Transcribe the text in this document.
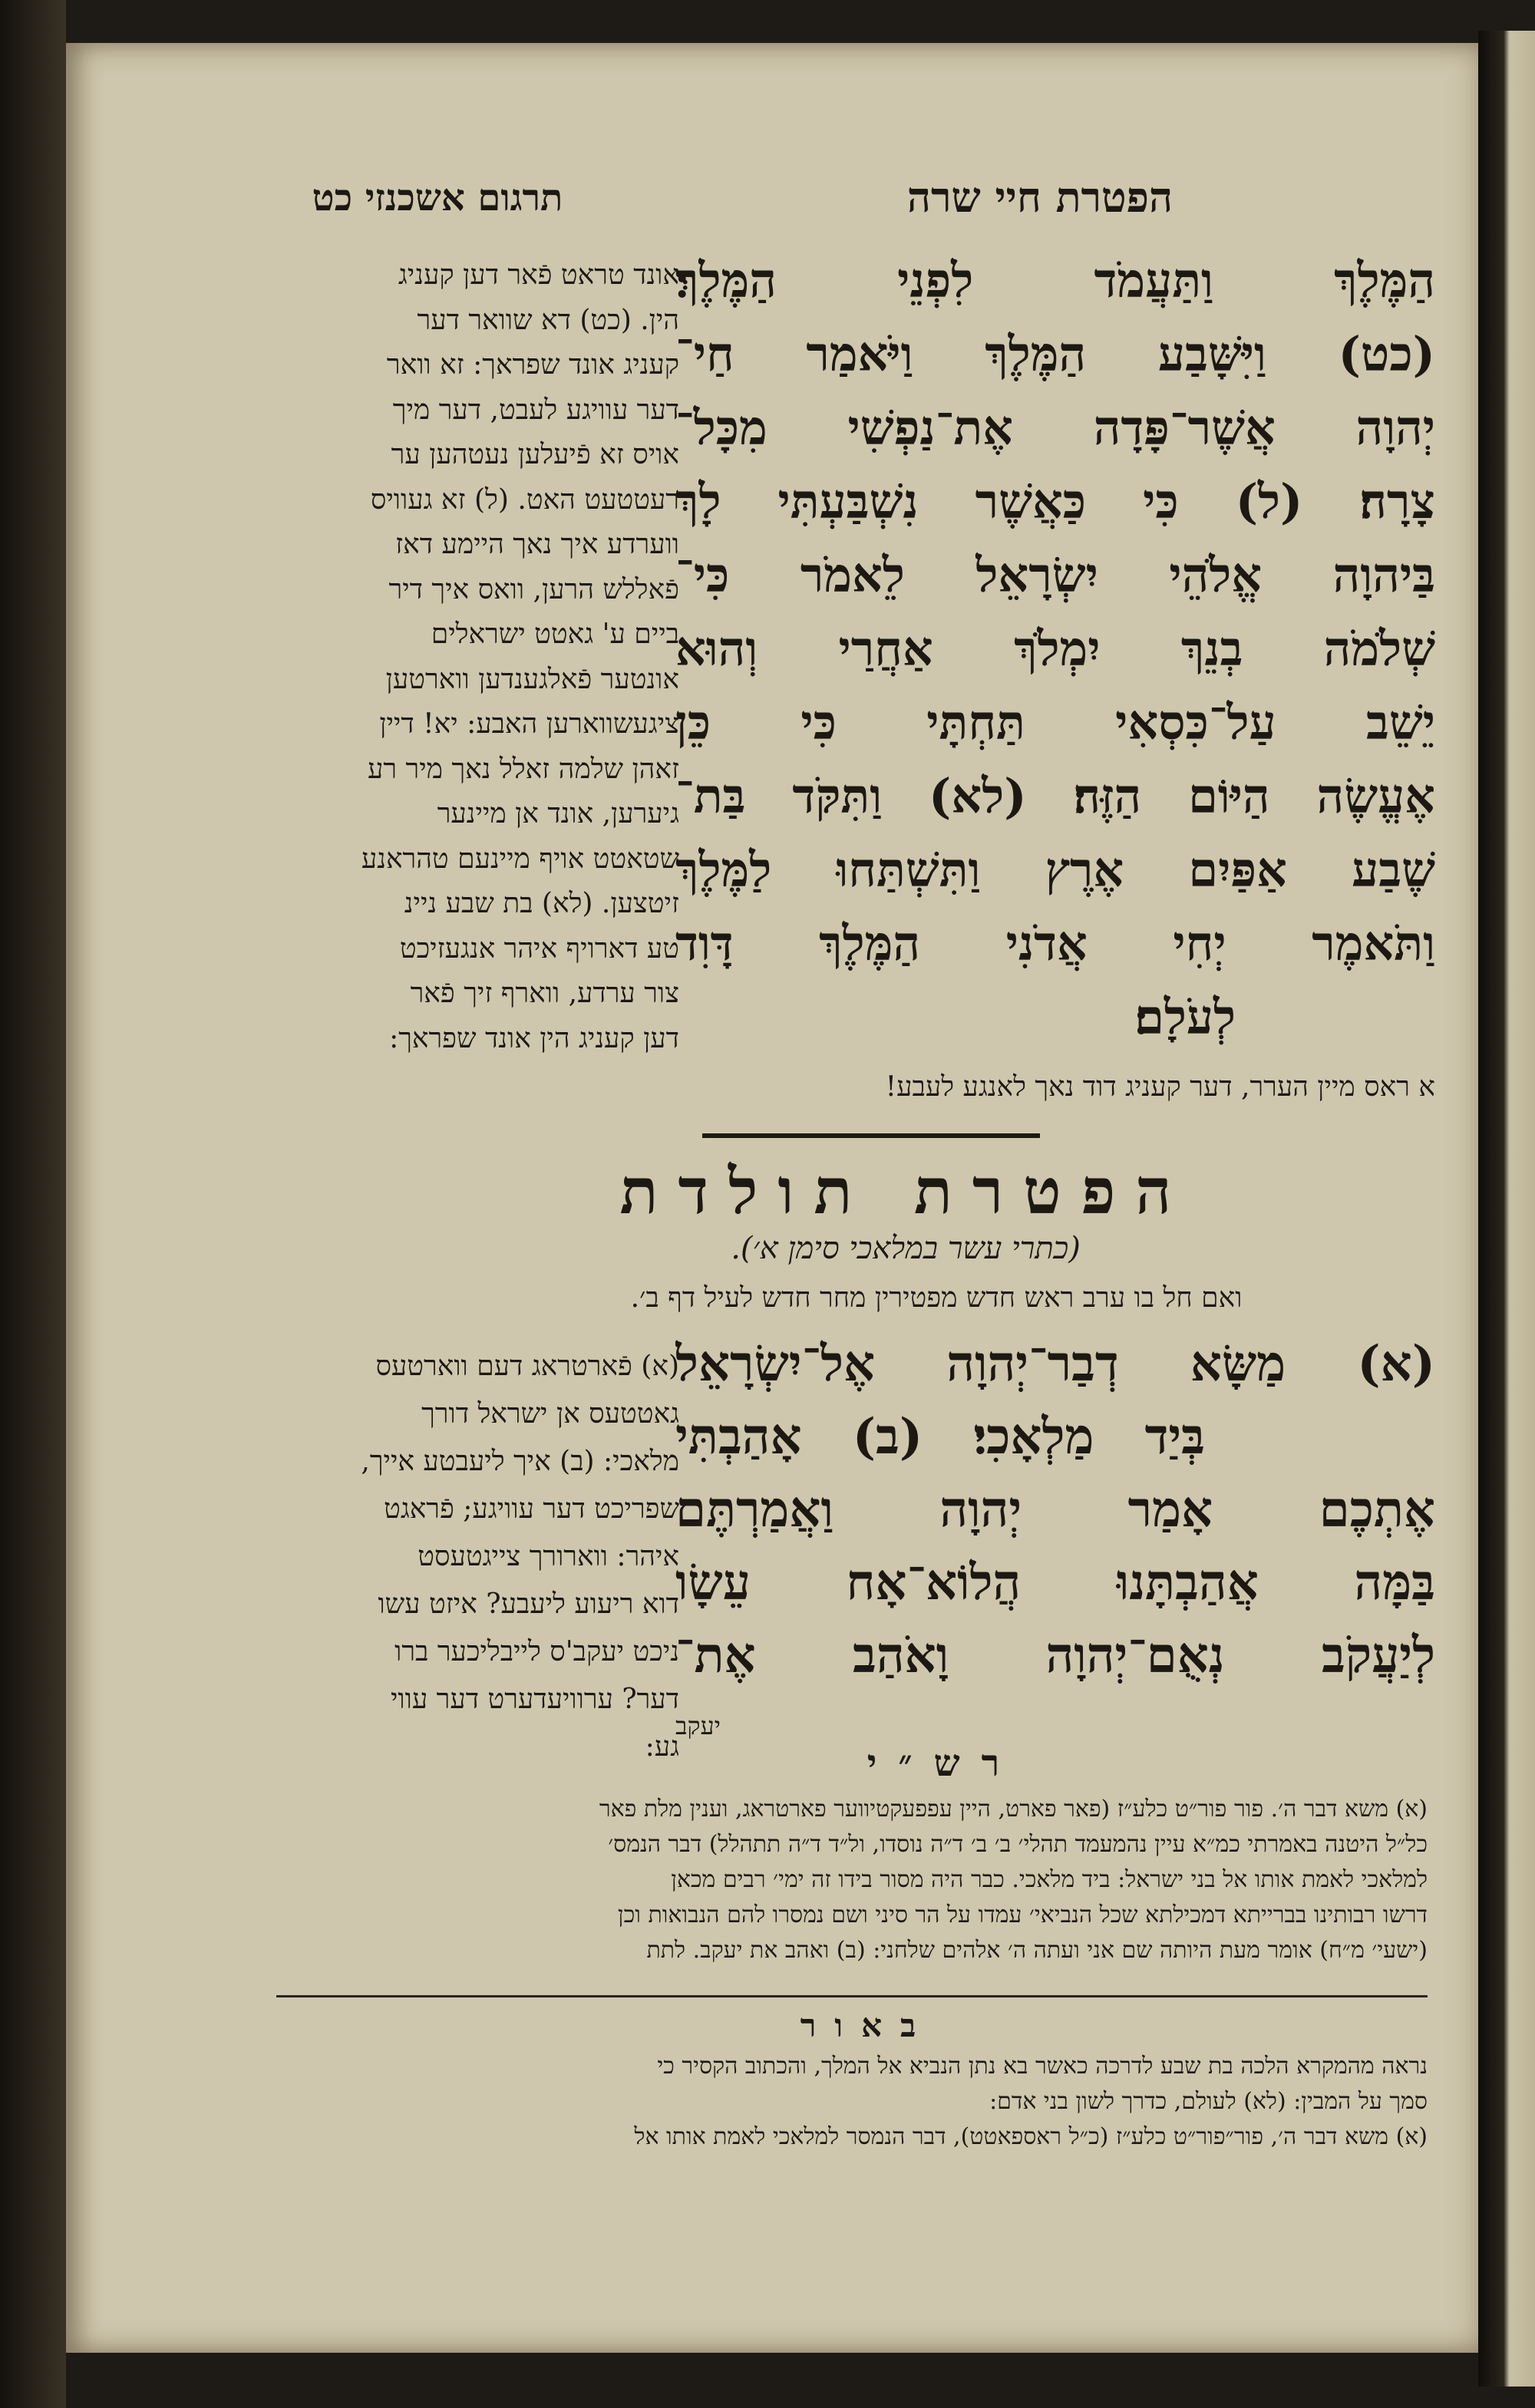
תרגום אשכנזי כט	הפטרת חיי שרה
אונד טראט פֿאר דען קעניג
הין. (כט) דא שוואר דער
קעניג אונד שפראך: זא וואר
דער עוויגע לעבט, דער מיך
אויס זא פֿיעלען נעטהען ער
רעטטעט האט. (ל) זא געוויס
ווערדע איך נאך היימע דאז
פֿאללש הרען, וואס איך דיר
ביים ע' גאטט ישראלים
אונטער פֿאלגענדען ווארטען
ציגעשווארען האבע: יא! דיין
זאהן שלמה זאלל נאך מיר רע
גיערען, אונד אן מיינער
שטאטט אויף מיינעם טהראנע
זיטצען. (לא) בת שבע ניינ
טע דארויף איהר אנגעזיכט
צור ערדע, ווארף זיך פֿאר
דען קעניג הין אונד שפראך:
הַמֶּלֶךְ וַתַּעֲמֹד לִפְנֵי הַמֶּלֶךְ׃
(כט) וַיִּשָּׁבַע הַמֶּלֶךְ וַיֹּאמַר חַי־
יְהוָה אֲשֶׁר־פָּדָה אֶת־נַפְשִׁי מִכָּל־
צָרָה׃ (ל) כִּי כַּאֲשֶׁר נִשְׁבַּעְתִּי לָךְ
בַּיהוָה אֱלֹהֵי יִשְׂרָאֵל לֵאמֹר כִּי־
שְׁלֹמֹה בְנֵךְ יִמְלֹךְ אַחֲרַי וְהוּא
יֵשֵׁב עַל־כִּסְאִי תַּחְתָּי כִּי כֵּן
אֶעֱשֶׂה הַיּוֹם הַזֶּה׃ (לא) וַתִּקֹּד בַּת־
שֶׁבַע אַפַּיִם אֶרֶץ וַתִּשְׁתַּחוּ לַמֶּלֶךְ
וַתֹּאמֶר יְחִי אֲדֹנִי הַמֶּלֶךְ דָּוִד
לְעֹלָם׃
א ראס מיין הערר, דער קעניג דוד נאך לאנגע לעבע!
הפטרת תולדת
(כתרי עשר במלאכי סימן א׳).
ואם חל בו ערב ראש חדש מפטירין מחר חדש לעיל דף ב׳.
(א) פֿארטראג דעם ווארטעס
גאטטעס אן ישראל דורך
מלאכי: (ב) איך ליעבטע אייך,
שפריכט דער עוויגע; פֿראגט
איהר: ווארורך צייגטעסט
דוא ריעוע ליעבע? איזט עשו
ניכט יעקב'ס לייבליכער ברו
דער? ערוויעדערט דער עווי
גע:
(א) מַשָּׂא דְבַר־יְהוָה אֶל־יִשְׂרָאֵל
בְּיַד מַלְאָכִי׃ (ב) אָהַבְתִּי
אֶתְכֶם אָמַר יְהוָה וַאֲמַרְתֶּם
בַּמָּה אֲהַבְתָּנוּ הֲלוֹא־אָח עֵשָׂו
לְיַעֲקֹב נְאֻם־יְהוָה וָאֹהַב אֶת־
יעקב
רש״י
(א) משא דבר ה׳. פור פור״ט כלע״ז (פאר פארט, היין עפפעקטיווער פארטראג, וענין מלת פאר
כל״ל היטנה באמרתי כמ״א עיין נהמעמד תהלי׳ ב׳ ב׳ ד״ה נוסדו, ול״ד ד״ה תתהלל) דבר הנמס׳
למלאכי לאמת אותו אל בני ישראל: ביד מלאכי. כבר היה מסור בידו זה ימי׳ רבים מכאן
דרשו רבותינו בברייתא דמכילתא שכל הנביאי׳ עמדו על הר סיני ושם נמסרו להם הנבואות וכן
(ישעי׳ מ״ח) אומר מעת היותה שם אני ועתה ה׳ אלהים שלחני: (ב) ואהב את יעקב. לתת
באור
נראה מהמקרא הלכה בת שבע לדרכה כאשר בא נתן הנביא אל המלך, והכתוב הקסיר כי
סמך על המבין: (לא) לעולם, כדרך לשון בני אדם:
(א) משא דבר ה׳, פור״פור״ט כלע״ז (כ״ל ראספאטט), דבר הנמסר למלאכי לאמת אותו אל
